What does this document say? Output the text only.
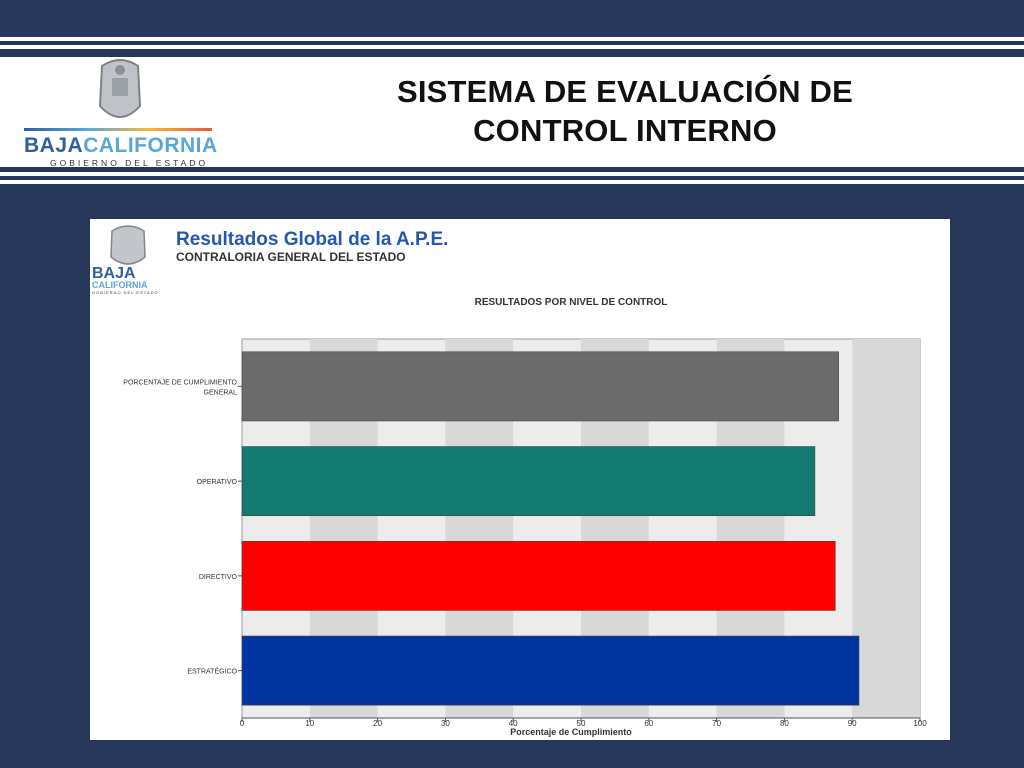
BAJACALIFORNIA
GOBIERNO DEL ESTADO
SISTEMA DE EVALUACIÓN DE
CONTROL INTERNO
BAJA
CALIFORNIA
GOBIERNO DEL ESTADO
Resultados Global de la A.P.E.
CONTRALORIA GENERAL DEL ESTADO
RESULTADOS POR NIVEL DE CONTROL
PORCENTAJE DE CUMPLIMIENTO
GENERAL
OPERATIVO
DIRECTIVO
ESTRATÉGICO
0	10	20	30	40	50	60	70	80	90	100
Porcentaje de Cumplimiento
